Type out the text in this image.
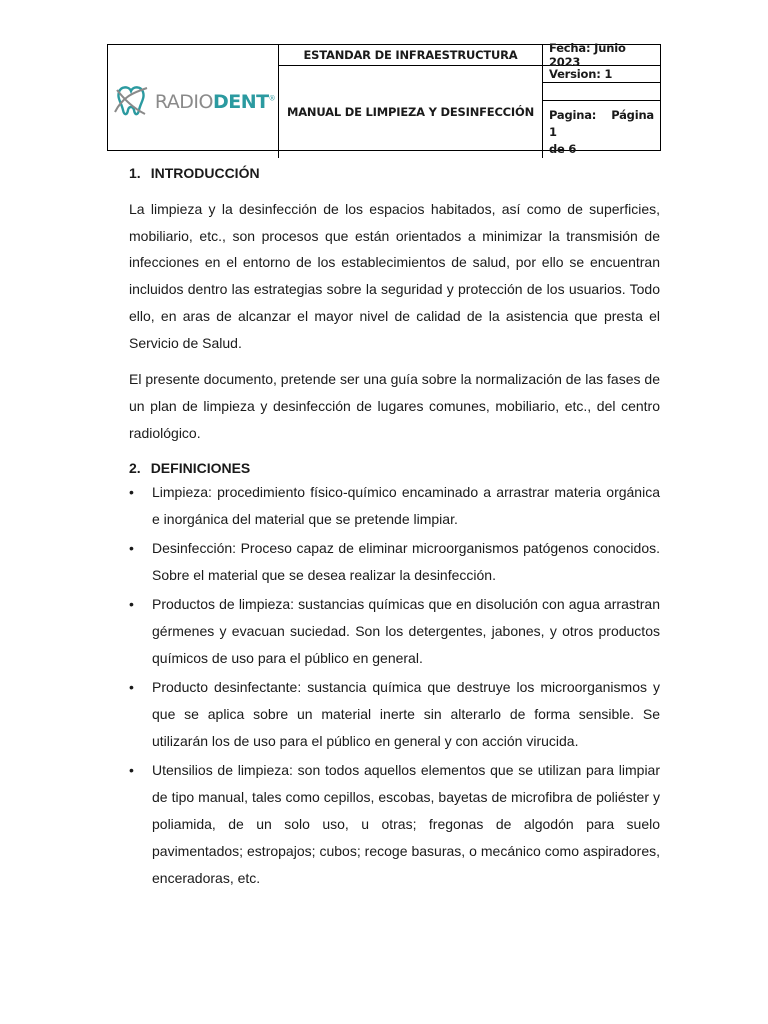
RADIODENT®
ESTANDAR DE INFRAESTRUCTURA
MANUAL DE LIMPIEZA Y DESINFECCIÓN
Fecha: Junio 2023
Version: 1
Pagina: Página 1
de 6
1. INTRODUCCIÓN

La limpieza y la desinfección de los espacios habitados, así como de superficies, mobiliario, etc., son procesos que están orientados a minimizar la transmisión de infecciones en el entorno de los establecimientos de salud, por ello se encuentran incluidos dentro las estrategias sobre la seguridad y protección de los usuarios. Todo ello, en aras de alcanzar el mayor nivel de calidad de la asistencia que presta el Servicio de Salud.

El presente documento, pretende ser una guía sobre la normalización de las fases de un plan de limpieza y desinfección de lugares comunes, mobiliario, etc., del centro radiológico.

2. DEFINICIONES
• Limpieza: procedimiento físico-químico encaminado a arrastrar materia orgánica e inorgánica del material que se pretende limpiar.
• Desinfección: Proceso capaz de eliminar microorganismos patógenos conocidos. Sobre el material que se desea realizar la desinfección.
• Productos de limpieza: sustancias químicas que en disolución con agua arrastran gérmenes y evacuan suciedad. Son los detergentes, jabones, y otros productos químicos de uso para el público en general.
• Producto desinfectante: sustancia química que destruye los microorganismos y que se aplica sobre un material inerte sin alterarlo de forma sensible. Se utilizarán los de uso para el público en general y con acción virucida.
• Utensilios de limpieza: son todos aquellos elementos que se utilizan para limpiar de tipo manual, tales como cepillos, escobas, bayetas de microfibra de poliéster y poliamida, de un solo uso, u otras; fregonas de algodón para suelo pavimentados; estropajos; cubos; recoge basuras, o mecánico como aspiradores, enceradoras, etc.
